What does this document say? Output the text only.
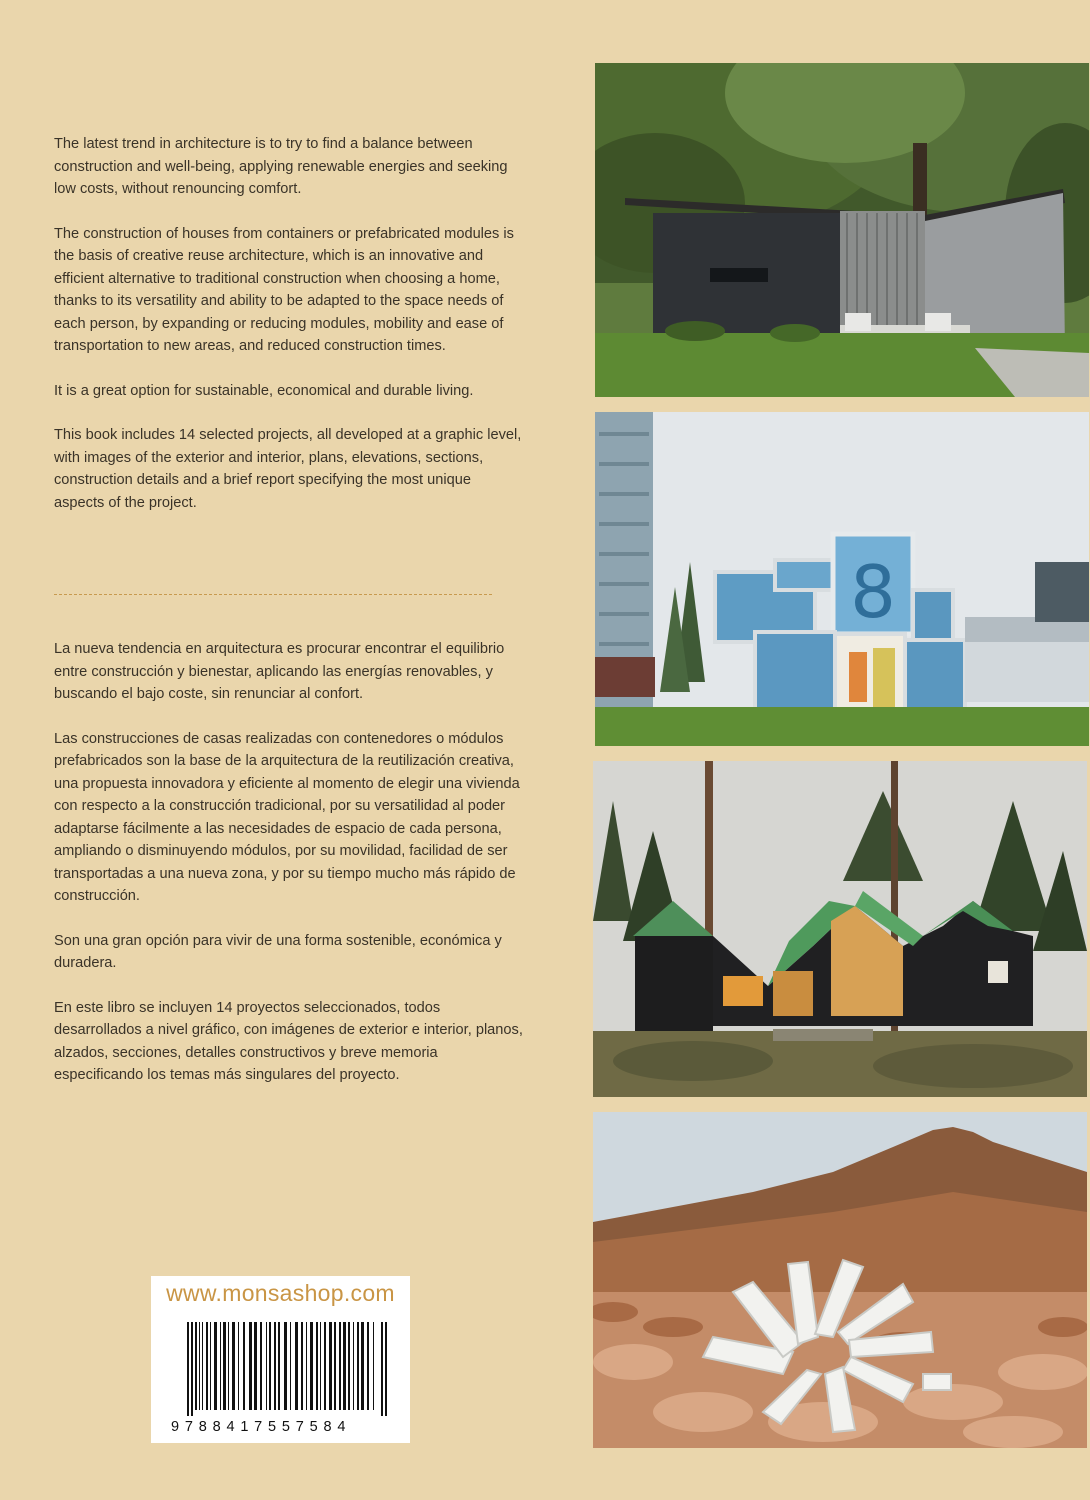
The latest trend in architecture is to try to find a balance between construction and well-being, applying renewable energies and seeking low costs, without renouncing comfort.

The construction of houses from containers or prefabricated modules is the basis of creative reuse architecture, which is an innovative and efficient alternative to traditional construction when choosing a home, thanks to its versatility and ability to be adapted to the space needs of each person, by expanding or reducing modules, mobility and ease of transportation to new areas, and reduced construction times.

It is a great option for sustainable, economical and durable living.

This book includes 14 selected projects, all developed at a graphic level, with images of the exterior and interior, plans, elevations, sections, construction details and a brief report specifying the most unique aspects of the project.

La nueva tendencia en arquitectura es procurar encontrar el equilibrio entre construcción y bienestar, aplicando las energías renovables, y buscando el bajo coste, sin renunciar al confort.

Las construcciones de casas realizadas con contenedores o módulos prefabricados son la base de la arquitectura de la reutilización creativa, una propuesta innovadora y eficiente al momento de elegir una vivienda con respecto a la construcción tradicional, por su versatilidad al poder adaptarse fácilmente a las necesidades de espacio de cada persona, ampliando o disminuyendo módulos, por su movilidad, facilidad de ser transportadas a una nueva zona, y por su tiempo mucho más rápido de construcción.

Son una gran opción para vivir de una forma sostenible, económica y duradera.

En este libro se incluyen 14 proyectos seleccionados, todos desarrollados a nivel gráfico, con imágenes de exterior e interior, planos, alzados, secciones, detalles constructivos y breve memoria especificando los temas más singulares del proyecto.

www.monsashop.com
9788417557584
8
